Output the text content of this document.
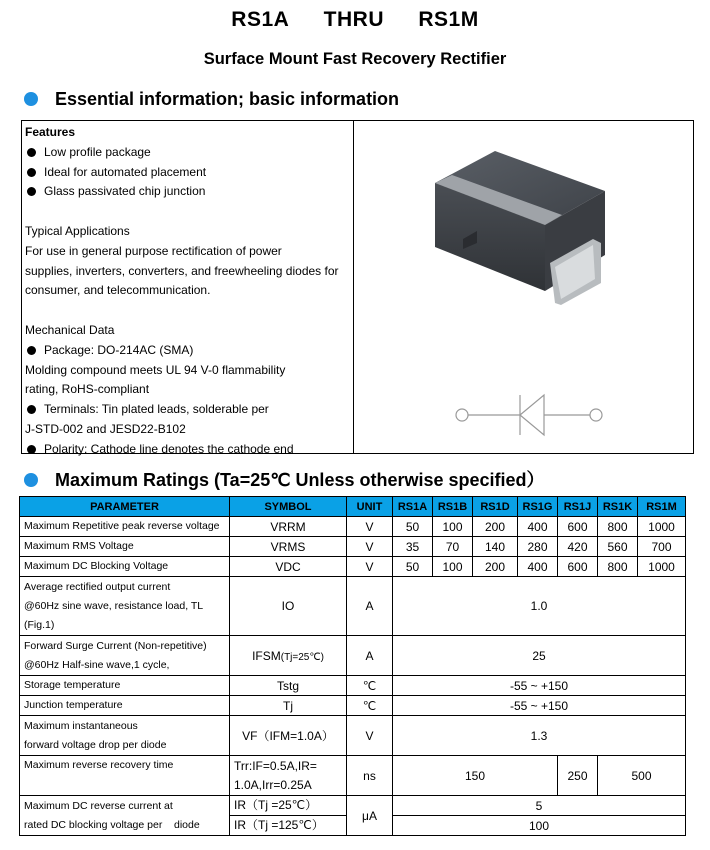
RS1A THRU RS1M
Surface Mount Fast Recovery Rectifier
Essential information; basic information
Features
Low profile package
Ideal for automated placement
Glass passivated chip junction
Typical Applications
For use in general purpose rectification of power
supplies, inverters, converters, and freewheeling diodes for
consumer, and telecommunication.
Mechanical Data
Package: DO-214AC (SMA)
Molding compound meets UL 94 V-0 flammability
rating, RoHS-compliant
Terminals: Tin plated leads, solderable per
J-STD-002 and JESD22-B102
Polarity: Cathode line denotes the cathode end
Maximum Ratings (Ta=25℃ Unless otherwise specified）
PARAMETER	SYMBOL	UNIT	RS1A	RS1B	RS1D	RS1G	RS1J	RS1K	RS1M
Maximum Repetitive peak reverse voltage	VRRM	V	50	100	200	400	600	800	1000
Maximum RMS Voltage	VRMS	V	35	70	140	280	420	560	700
Maximum DC Blocking Voltage	VDC	V	50	100	200	400	600	800	1000

Average rectified output current
@60Hz sine wave, resistance load, TL
(Fig.1)	IO	A	1.0						

Forward Surge Current (Non-repetitive)
@60Hz Half-sine wave,1 cycle,	IFSM(Tj=25℃)	A	25						
Storage temperature	Tstg	℃	-55 ~ +150						
Junction temperature	Tj	℃	-55 ~ +150						

Maximum instantaneous
forward voltage drop per diode	VF（IFM=1.0A）	V	1.3						
Maximum reverse recovery time	Trr:IF=0.5A,IR=
1.0A,Irr=0.25A	ns	150				250	500	

Maximum DC reverse current at
rated DC blocking voltage per    diode	IR（Tj =25℃）	μA	5						
	IR（Tj =125℃）		100						
